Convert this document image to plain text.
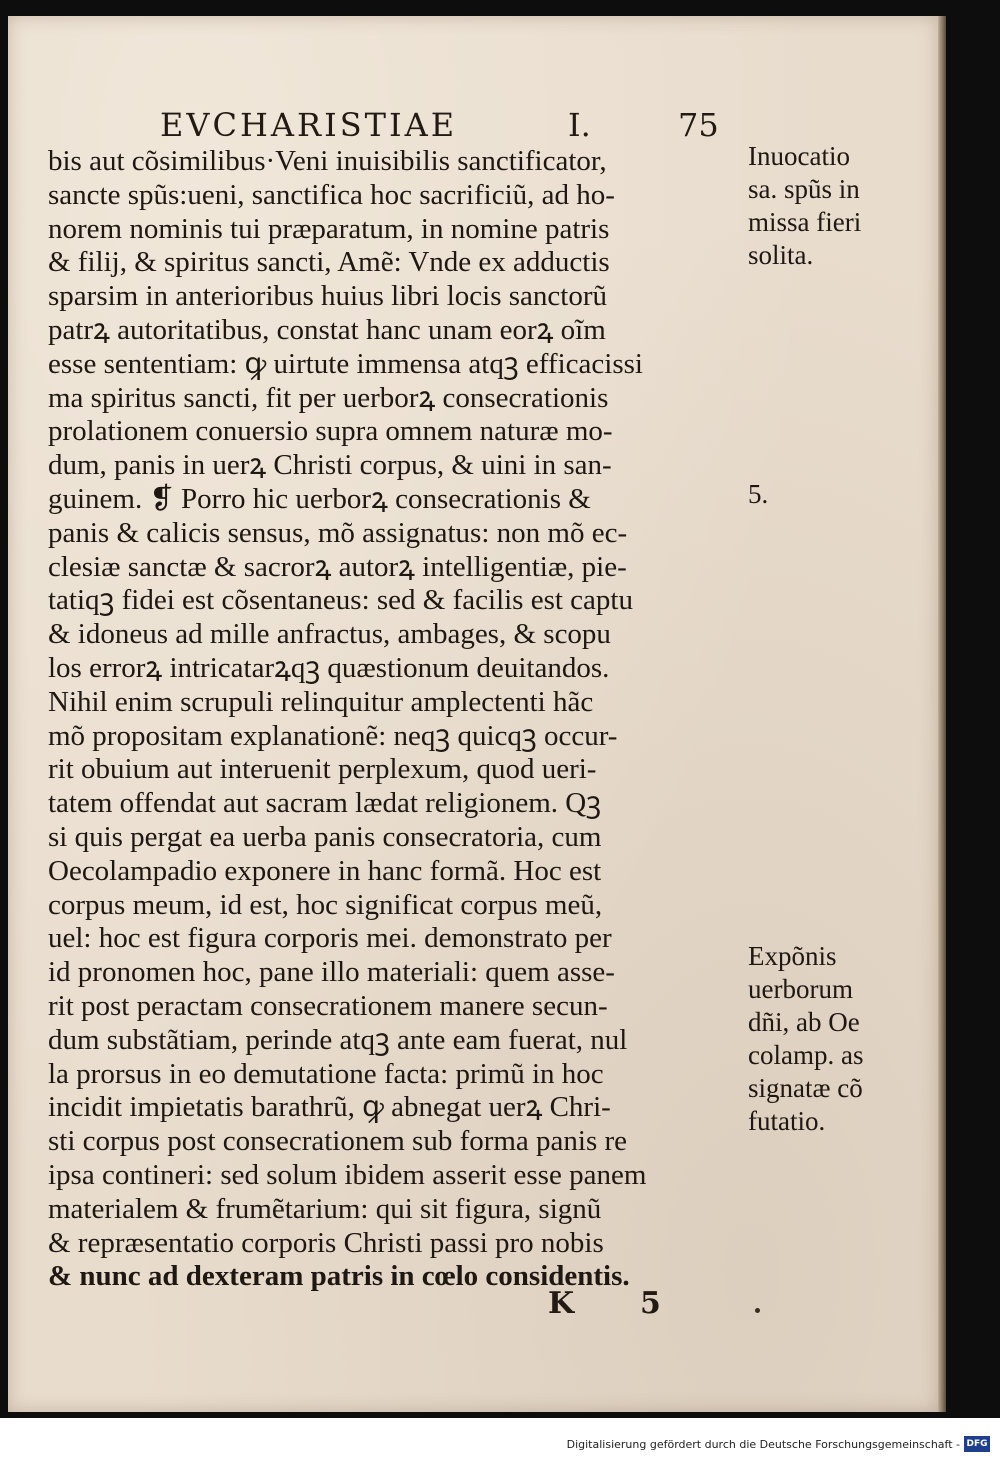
EVCHARISTIAE	I.	75
bis aut cõsimilibus·Veni inuisibilis sanctificator,
sancte spũs:ueni, sanctifica hoc sacrificiũ, ad ho-
norem nominis tui præparatum, in nomine patris
& filij, & spiritus sancti, Amẽ: Vnde ex adductis
sparsim in anterioribus huius libri locis sanctorũ
patrꝝ autoritatibus, constat hanc unam eorꝝ oĩm
esse sententiam: ꝙ uirtute immensa atqꝫ efficacissi
ma spiritus sancti, fit per uerborꝝ consecrationis
prolationem conuersio supra omnem naturæ mo-
dum, panis in uerꝝ Christi corpus, & uini in san-
guinem. ❡ Porro hic uerborꝝ consecrationis &
panis & calicis sensus, mõ assignatus: non mõ ec-
clesiæ sanctæ & sacrorꝝ autorꝝ intelligentiæ, pie-
tatiqꝫ fidei est cõsentaneus: sed & facilis est captu
& idoneus ad mille anfractus, ambages, & scopu
los errorꝝ intricatarꝝqꝫ quæstionum deuitandos.
Nihil enim scrupuli relinquitur amplectenti hãc
mõ propositam explanationẽ: neqꝫ quicqꝫ occur-
rit obuium aut interuenit perplexum, quod ueri-
tatem offendat aut sacram lædat religionem. Qꝫ
si quis pergat ea uerba panis consecratoria, cum
Oecolampadio exponere in hanc formã. Hoc est
corpus meum, id est, hoc significat corpus meũ,
uel: hoc est figura corporis mei. demonstrato per
id pronomen hoc, pane illo materiali: quem asse-
rit post peractam consecrationem manere secun-
dum substãtiam, perinde atqꝫ ante eam fuerat, nul
la prorsus in eo demutatione facta: primũ in hoc
incidit impietatis barathrũ, ꝙ abnegat uerꝝ Chri-
sti corpus post consecrationem sub forma panis re
ipsa contineri: sed solum ibidem asserit esse panem
materialem & frumẽtarium: qui sit figura, signũ
& repræsentatio corporis Christi passi pro nobis
& nunc ad dexteram patris in cœlo considentis.
Inuocatio
sa. spũs in
missa fieri
solita.
5.
Expõnis
uerborum
dñi, ab Oe
colamp. as
signatæ cõ
futatio.
K 5
Digitalisierung gefördert durch die Deutsche Forschungsgemeinschaft - DFG
